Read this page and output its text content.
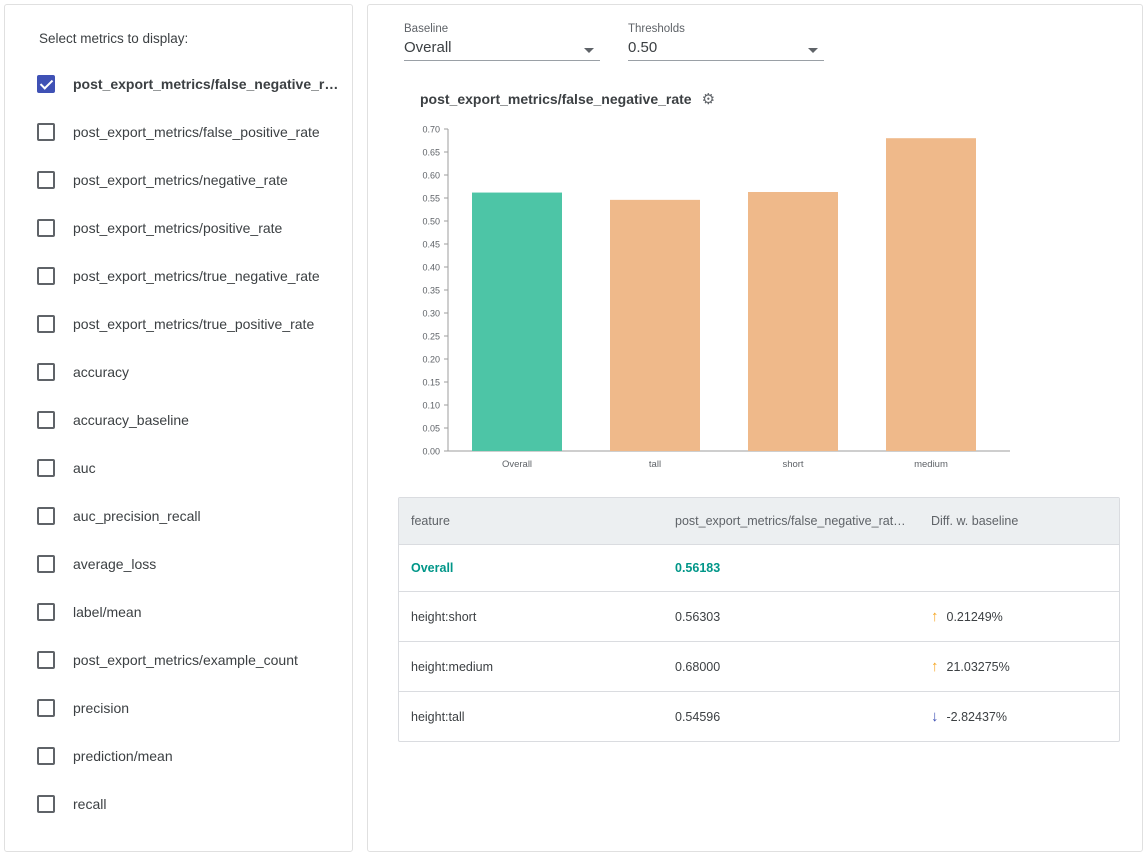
Select metrics to display:
post_export_metrics/false_negative_r…
post_export_metrics/false_positive_rate
post_export_metrics/negative_rate
post_export_metrics/positive_rate
post_export_metrics/true_negative_rate
post_export_metrics/true_positive_rate
accuracy
accuracy_baseline
auc
auc_precision_recall
average_loss
label/mean
post_export_metrics/example_count
precision
prediction/mean
recall
Baseline
Overall
Thresholds
0.50
post_export_metrics/false_negative_rate ⚙
0.00
0.05
0.10
0.15
0.20
0.25
0.30
0.35
0.40
0.45
0.50
0.55
0.60
0.65
0.70
Overall	tall	short	medium
feature	post_export_metrics/false_negative_rat…	Diff. w. baseline
Overall	0.56183	

height:short	0.56303	↑ 0.21249%

height:medium	0.68000	↑ 21.03275%

height:tall	0.54596	↓ -2.82437%
